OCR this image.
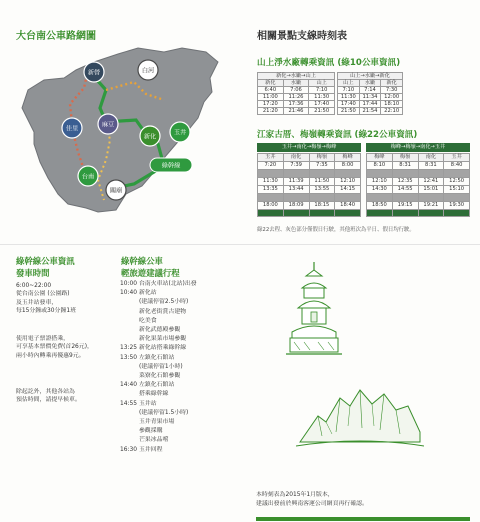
大台南公車路網圖
新營	白河
佳里
麻豆
新化
玉井
台南
關廟
綠幹線
相關景點支線時刻表
山上淨水廠轉乘資訊 (綠10公車資訊)
新化→水廠→山上		
新化	水廠	山上
6:40	7:06	7:10
11:00	11:26	11:30
17:20	17:36	17:40
21:20	21:46	21:50
山上→水廠→新化		
山上	水廠	新化
7:10	7:14	7:30
11:30	11:34	12:00
17:40	17:44	18:10
21:50	21:54	22:10
江家古厝、梅嶺轉乘資訊 (綠22公車資訊)
玉井→南化→梅嶺→梅峰	梅峰→梅嶺→南化→玉井
玉井	南化	梅嶺	梅峰
7:20	7:39	7:35	8:00

11:30	11:39	11:50	12:10
13:35	13:44	13:55	14:15

18:00	18:09	18:15	18:40

梅峰	梅嶺	南化	玉井
8:10	8:31	8:31	8:40

12:10	12:35	12:41	12:50
14:30	14:55	15:01	15:10

18:50	19:15	19:21	19:30

綠22去程、灰色部分僅假日行駛，其他班次為平日、假日均行駛。
綠幹線公車資訊
發車時間
6:00~22:00
從台南公園 (公園路)
及玉井站發車，
每15分鐘或30分鐘1班
使用電子票證搭乘，
可享基本票價免費(首26元)，
兩小時內轉乘再優惠9元。
除起訖外，其他各站為
預估時間，請提早候車。
綠幹線公車
輕旅遊建議行程
10:00 台南火車站(北站)出發
10:40 新化站
(建議停留2.5小時)
新化老街賞古建物
吃美食
新化武德殿參觀
新化果菜市場參觀
13:25 新化站搭乘綠幹線
13:50 左鎮化石館站
(建議停留1小時)
菜寮化石館參觀
14:40 左鎮化石館站
搭乘綠幹線
14:55 玉井站
(建議停留1.5小時)
玉井青果市場
參觀採購
芒果冰品嚐
16:30 玉井回程
本時刻表為2015年1月版本，
建議出發前於興南客運公司網頁再行確認。
